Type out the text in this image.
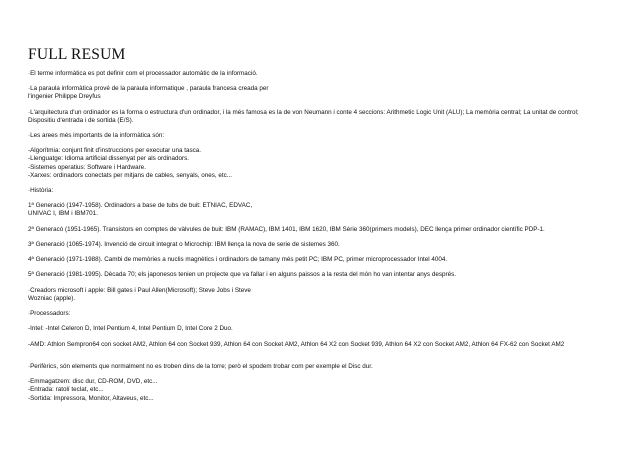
FULL RESUM
·El terme informàtica es pot definir com el processador automàtic de la informació.
·La paraula informàtica prové de la paraula informatique , paraula francesa creada per
l'ingenier Philippe Dreyfus
·L'arquitectura d'un ordinador es la forma o estructura d'un ordinador, i la més famosa es la de von Neumann i conte 4 seccions: Arithmetic Logic Unit (ALU); La memòria central; La unitat de control;
Dispositiu d'entrada i de sortida (E/S).
·Les arees més importants de la informàtica són:
-Algorítmia: conjunt finit d'instruccions per executar una tasca.
-Llenguatge: Idioma artificial dissenyat per als ordinadors.
-Sistemes operatius: Software i Hardware.
-Xarxes: ordinadors conectats per mitjans de cables, senyals, ones, etc...
·Història:
1ª Generació (1947-1958). Ordinadors a base de tubs de buit: ETNIAC, EDVAC,
UNIVAC I, IBM i IBM701.
2ª Generacó (1951-1965). Transistors en comptes de vàlvules de buit: IBM (RAMAC), IBM 1401, IBM 1620, IBM Sèrie 360(primers models), DEC llença primer ordinador científic PDP-1.
3ª Generació (1065-1974). Invenció de circuit integrat o Microchip: IBM llença la nova de serie de sistemes 360.
4ª Generació (1971-1988). Cambi de memòries a nuclis magnètics i ordinadors de tamany més petit PC; IBM PC, primer microprocessador Intel 4004.
5ª Generació (1981-1995). Dècada 70; els japonesos tenien un projecte que va fallar i en alguns paissos a la resta del món ho van intentar anys després.
·Creadors microsoft i apple: Bill gates i Paul Allen(Microsoft); Steve Jobs i Steve
Wozniac (apple).
·Processadors:
-Intel: -Intel Celeron D, Intel Pentium 4, Intel Pentium D, Intel Core 2 Duo.
-AMD: Athlon Sempron64 con socket AM2, Athlon 64 con Socket 939, Athlon 64 con Socket AM2, Athlon 64 X2 con Socket 939, Athlon 64 X2 con Socket AM2, Athlon 64 FX-62 con Socket AM2
·Perifèrics, són elements que normalment no es troben dins de la torre; però el spodem trobar com per exemple el Disc dur.
-Emmagatzem: disc dur, CD-ROM, DVD, etc...
-Entrada: ratolí teclat, etc...
-Sortida: Impressora, Monitor, Altaveus, etc...
